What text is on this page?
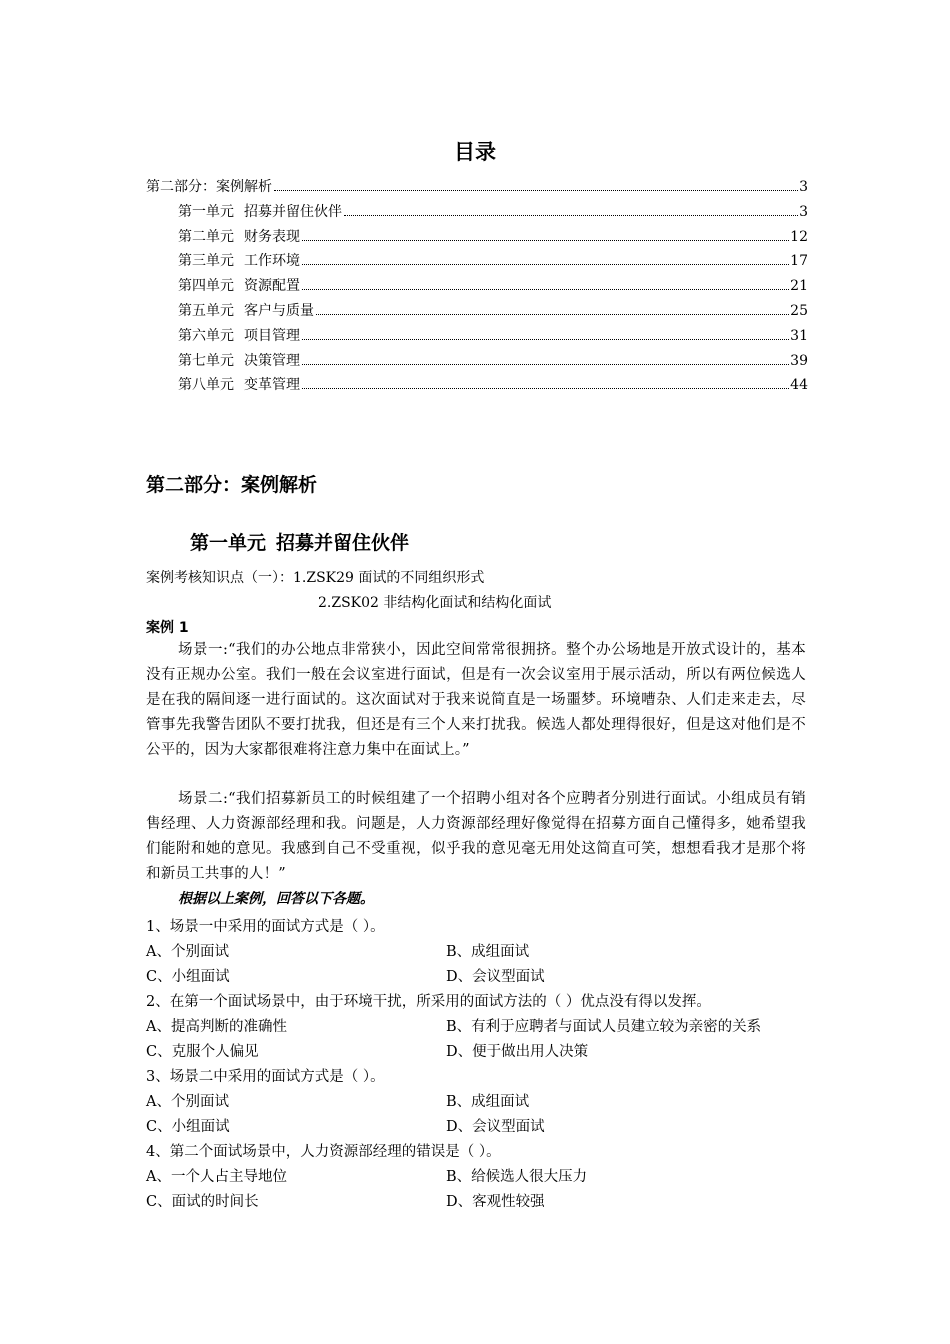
目录
第二部分：案例解析	3
第一单元 招募并留住伙伴	3
第二单元 财务表现	12
第三单元 工作环境	17
第四单元 资源配置	21
第五单元 客户与质量	25
第六单元 项目管理	31
第七单元 决策管理	39
第八单元 变革管理	44
第二部分：案例解析
第一单元 招募并留住伙伴
案例考核知识点（一）：1.ZSK29 面试的不同组织形式
2.ZSK02 非结构化面试和结构化面试
案例 1
场景一:“我们的办公地点非常狭小，因此空间常常很拥挤。整个办公场地是开放式设计的，基本没有正规办公室。我们一般在会议室进行面试，但是有一次会议室用于展示活动，所以有两位候选人是在我的隔间逐一进行面试的。这次面试对于我来说简直是一场噩梦。环境嘈杂、人们走来走去，尽管事先我警告团队不要打扰我，但还是有三个人来打扰我。候选人都处理得很好，但是这对他们是不公平的，因为大家都很难将注意力集中在面试上。”
场景二:“我们招募新员工的时候组建了一个招聘小组对各个应聘者分别进行面试。小组成员有销售经理、人力资源部经理和我。问题是，人力资源部经理好像觉得在招募方面自己懂得多，她希望我们能附和她的意见。我感到自己不受重视，似乎我的意见毫无用处这简直可笑，想想看我才是那个将和新员工共事的人！”
根据以上案例，回答以下各题。
1、场景一中采用的面试方式是（ ）。
A、个别面试	B、成组面试
C、小组面试	D、会议型面试
2、在第一个面试场景中，由于环境干扰，所采用的面试方法的（ ）优点没有得以发挥。
A、提高判断的准确性	B、有利于应聘者与面试人员建立较为亲密的关系
C、克服个人偏见	D、便于做出用人决策
3、场景二中采用的面试方式是（ ）。
A、个别面试	B、成组面试
C、小组面试	D、会议型面试
4、第二个面试场景中，人力资源部经理的错误是（ ）。
A、一个人占主导地位	B、给候选人很大压力
C、面试的时间长	D、客观性较强
